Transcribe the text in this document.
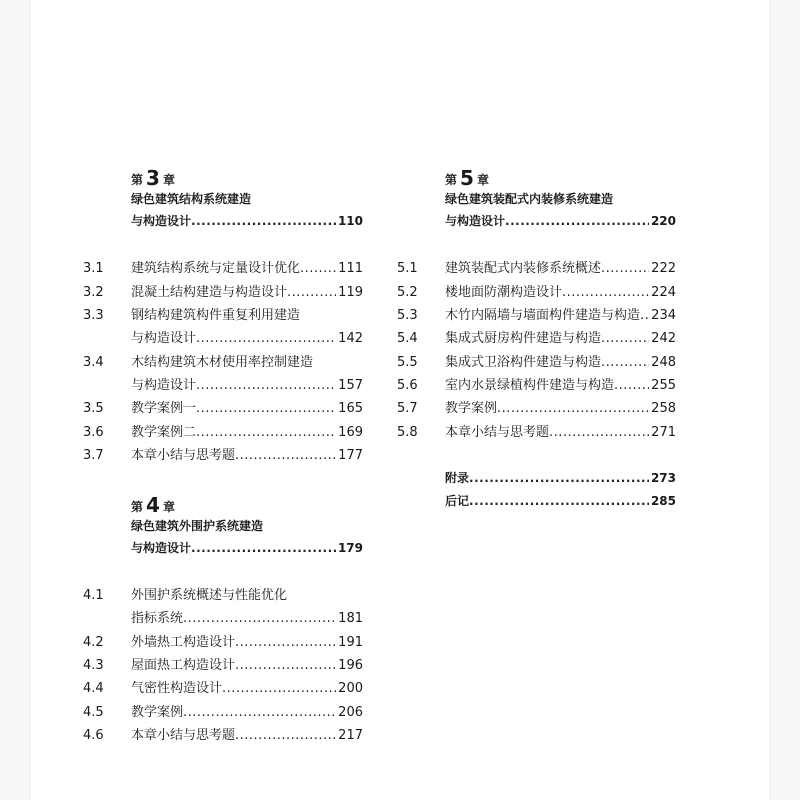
第 3 章
绿色建筑结构系统建造
与构造设计 .....	110
3.1	建筑结构系统与定量设计优化 .....	111
3.2	混凝土结构建造与构造设计 .....	119
3.3	钢结构建筑构件重复利用建造
与构造设计 .....	142
3.4	木结构建筑木材使用率控制建造
与构造设计 .....	157
3.5	教学案例一 .....	165
3.6	教学案例二 .....	169
3.7	本章小结与思考题 .....	177
第 4 章
绿色建筑外围护系统建造
与构造设计 .....	179
4.1	外围护系统概述与性能优化
指标系统 .....	181
4.2	外墙热工构造设计 .....	191
4.3	屋面热工构造设计 .....	196
4.4	气密性构造设计 .....	200
4.5	教学案例 .....	206
4.6	本章小结与思考题 .....	217
第 5 章
绿色建筑装配式内装修系统建造
与构造设计 .....	220
5.1	建筑装配式内装修系统概述 .....	222
5.2	楼地面防潮构造设计 .....	224
5.3	木竹内隔墙与墙面构件建造与构造 ..... 234
5.4	集成式厨房构件建造与构造 .....	242
5.5	集成式卫浴构件建造与构造 .....	248
5.6	室内水景绿植构件建造与构造 .....	255
5.7	教学案例 .....	258
5.8	本章小结与思考题 .....	271
附录 .....	273
后记 .....	285
